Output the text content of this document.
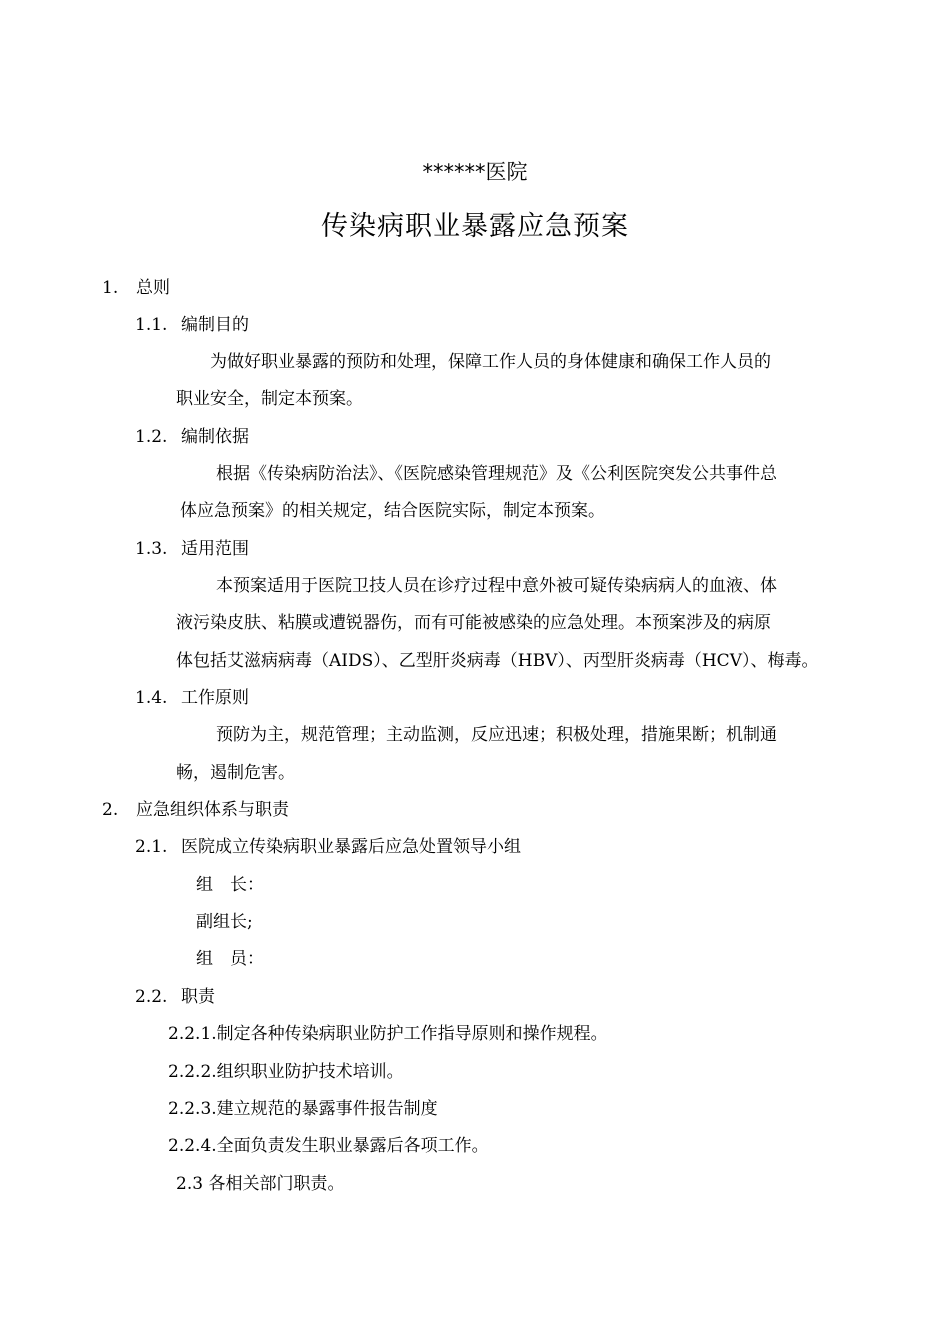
******医院
传染病职业暴露应急预案
1. 总则
1.1. 编制目的
为做好职业暴露的预防和处理，保障工作人员的身体健康和确保工作人员的
职业安全，制定本预案。
1.2. 编制依据
根据《传染病防治法》、《医院感染管理规范》及《公利医院突发公共事件总
体应急预案》的相关规定，结合医院实际，制定本预案。
1.3. 适用范围
本预案适用于医院卫技人员在诊疗过程中意外被可疑传染病病人的血液、体
液污染皮肤、粘膜或遭锐器伤，而有可能被感染的应急处理。本预案涉及的病原
体包括艾滋病病毒（AIDS）、乙型肝炎病毒（HBV）、丙型肝炎病毒（HCV）、梅毒。
1.4. 工作原则
预防为主，规范管理；主动监测，反应迅速；积极处理，措施果断；机制通
畅，遏制危害。
2. 应急组织体系与职责
2.1. 医院成立传染病职业暴露后应急处置领导小组
组　长：
副组长;
组　员：
2.2. 职责
2.2.1.制定各种传染病职业防护工作指导原则和操作规程。
2.2.2.组织职业防护技术培训。
2.2.3.建立规范的暴露事件报告制度
2.2.4.全面负责发生职业暴露后各项工作。
2.3 各相关部门职责。
